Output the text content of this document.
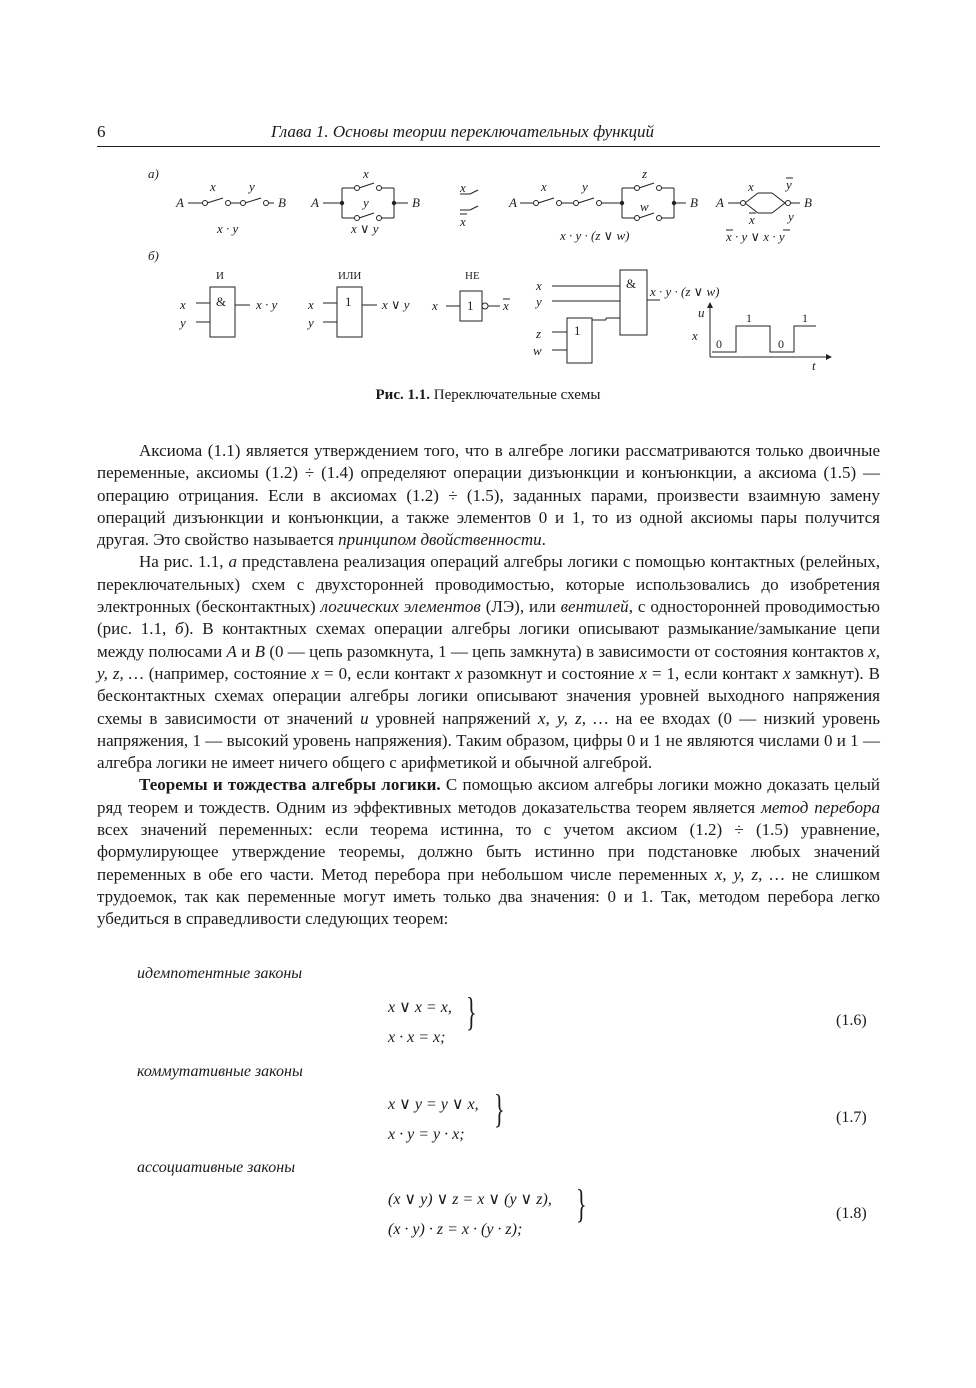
6	Глава 1. Основы теории переключательных функций
а)
б)
A
x	y
B
x · y
A
x
y	B
x ∨ y
x
x
A
x	y
z
w	B
x · y · (z ∨ w)
A
x y
x	y
B
x · y ∨ x · y
И	ИЛИ	НЕ
&
x
y
x · y	1
x
y
x ∨ y	1
x	x
&
1
x
y
z
w
x · y · (z ∨ w)
u
x
t
0
1
0
1
Рис. 1.1. Переключательные схемы

Аксиома (1.1) является утверждением того, что в алгебре логики рассматриваются только двоичные переменные, аксиомы (1.2) ÷ (1.4) определяют операции дизъюнкции и конъюнкции, а аксиома (1.5) — операцию отрицания. Если в аксиомах (1.2) ÷ (1.5), заданных парами, произвести взаимную замену операций дизъюнкции и конъюнкции, а также элементов 0 и 1, то из одной аксиомы пары получится другая. Это свойство называется принципом двойственности.

На рис. 1.1, а представлена реализация операций алгебры логики с помощью контактных (релейных, переключательных) схем с двухсторонней проводимостью, которые использовались до изобретения электронных (бесконтактных) логических элементов (ЛЭ), или вентилей, с односторонней проводимостью (рис. 1.1, б). В контактных схемах операции алгебры логики описывают размыкание/замыкание цепи между полюсами A и B (0 — цепь разомкнута, 1 — цепь замкнута) в зависимости от состояния контактов x, y, z, … (например, состояние x = 0, если контакт x разомкнут и состояние x = 1, если контакт x замкнут). В бесконтактных схемах операции алгебры логики описывают значения уровней выходного напряжения схемы в зависимости от значений u уровней напряжений x, y, z, … на ее входах (0 — низкий уровень напряжения, 1 — высокий уровень напряжения). Таким образом, цифры 0 и 1 не являются числами 0 и 1 — алгебра логики не имеет ничего общего с арифметикой и обычной алгеброй.

Теоремы и тождества алгебры логики. С помощью аксиом алгебры логики можно доказать целый ряд теорем и тождеств. Одним из эффективных методов доказательства теорем является метод перебора всех значений переменных: если теорема истинна, то с учетом аксиом (1.2) ÷ (1.5) уравнение, формулирующее утверждение теоремы, должно быть истинно при подстановке любых значений переменных в обе его части. Метод перебора при небольшом числе переменных x, y, z, … не слишком трудоемок, так как переменные могут иметь только два значения: 0 и 1. Так, методом перебора легко убедиться в справедливости следующих теорем:

идемпотентные законы
x ∨ x = x,
x · x = x;
}	(1.6)
коммутативные законы
x ∨ y = y ∨ x,
x · y = y · x;
}	(1.7)
ассоциативные законы
(x ∨ y) ∨ z = x ∨ (y ∨ z),
(x · y) · z = x · (y · z);
}	(1.8)
